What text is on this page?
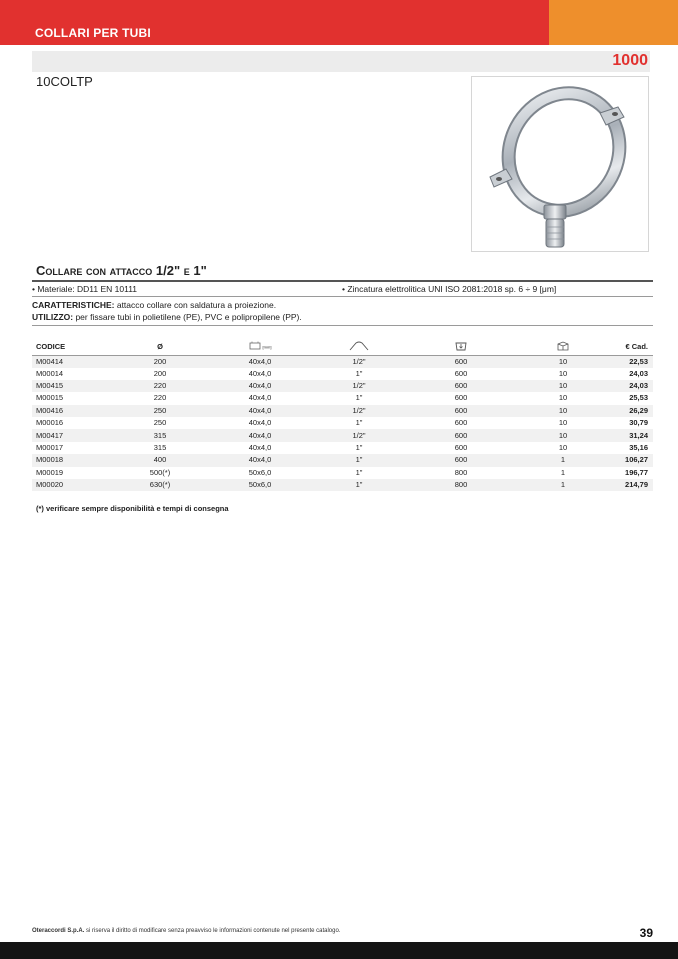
COLLARI PER TUBI
1000
10COLTP
Collare con attacco 1/2" e 1"
• Materiale: DD11 EN 10111	• Zincatura elettrolitica UNI ISO 2081:2018 sp. 6 ÷ 9 [μm]
CARATTERISTICHE: attacco collare con saldatura a proiezione.
UTILIZZO: per fissare tubi in polietilene (PE), PVC e polipropilene (PP).
CODICE	Ø	[mm]				€ Cad.
M00414	200	40x4,0	1/2"	600	10	22,53
M00014	200	40x4,0	1"	600	10	24,03
M00415	220	40x4,0	1/2"	600	10	24,03
M00015	220	40x4,0	1"	600	10	25,53
M00416	250	40x4,0	1/2"	600	10	26,29
M00016	250	40x4,0	1"	600	10	30,79
M00417	315	40x4,0	1/2"	600	10	31,24
M00017	315	40x4,0	1"	600	10	35,16
M00018	400	40x4,0	1"	600	1	106,27
M00019	500(*)	50x6,0	1"	800	1	196,77
M00020	630(*)	50x6,0	1"	800	1	214,79
(*) verificare sempre disponibilità e tempi di consegna
Oteraccordi S.p.A. si riserva il diritto di modificare senza preavviso le informazioni contenute nel presente catalogo.	39
